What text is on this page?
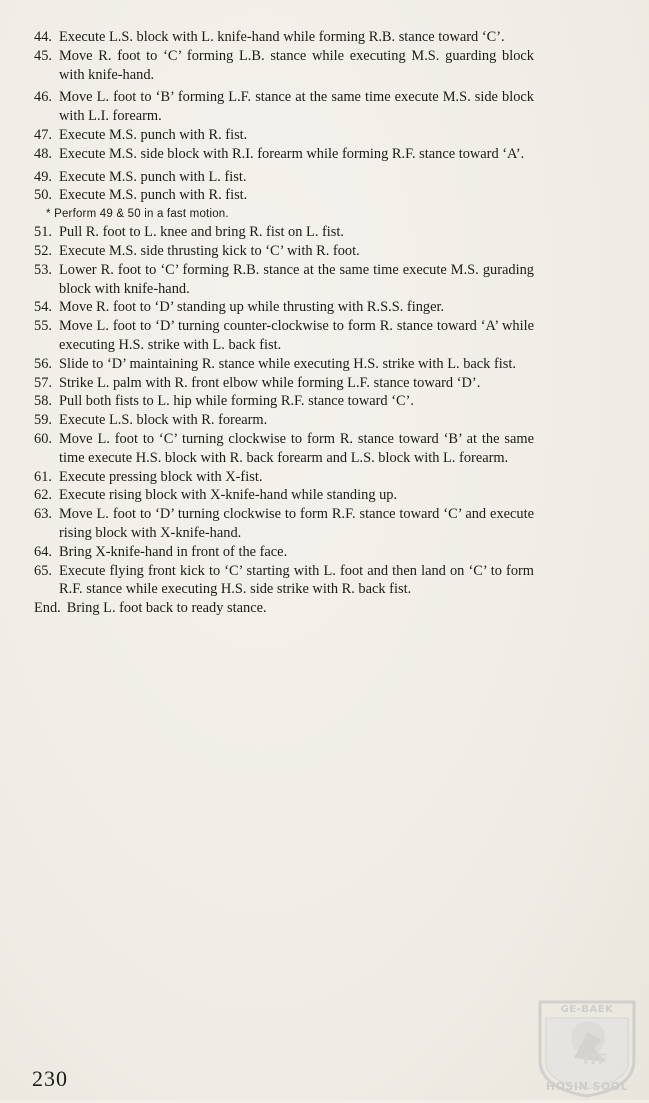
44. Execute L.S. block with L. knife-hand while forming R.B. stance toward ‘C’.
45. Move R. foot to ‘C’ forming L.B. stance while executing M.S. guarding block with knife-hand.
46. Move L. foot to ‘B’ forming L.F. stance at the same time execute M.S. side block with L.I. forearm.
47. Execute M.S. punch with R. fist.
48. Execute M.S. side block with R.I. forearm while forming R.F. stance toward ‘A’.
49. Execute M.S. punch with L. fist.
50. Execute M.S. punch with R. fist.
* Perform 49 & 50 in a fast motion.
51. Pull R. foot to L. knee and bring R. fist on L. fist.
52. Execute M.S. side thrusting kick to ‘C’ with R. foot.
53. Lower R. foot to ‘C’ forming R.B. stance at the same time execute M.S. gurading block with knife-hand.
54. Move R. foot to ‘D’ standing up while thrusting with R.S.S. finger.
55. Move L. foot to ‘D’ turning counter-clockwise to form R. stance toward ‘A’ while executing H.S. strike with L. back fist.
56. Slide to ‘D’ maintaining R. stance while executing H.S. strike with L. back fist.
57. Strike L. palm with R. front elbow while forming L.F. stance toward ‘D’.
58. Pull both fists to L. hip while forming R.F. stance toward ‘C’.
59. Execute L.S. block with R. forearm.
60. Move L. foot to ‘C’ turning clockwise to form R. stance toward ‘B’ at the same time execute H.S. block with R. back forearm and L.S. block with L. forearm.
61. Execute pressing block with X-fist.
62. Execute rising block with X-knife-hand while standing up.
63. Move L. foot to ‘D’ turning clockwise to form R.F. stance toward ‘C’ and execute rising block with X-knife-hand.
64. Bring X-knife-hand in front of the face.
65. Execute flying front kick to ‘C’ starting with L. foot and then land on ‘C’ to form R.F. stance while executing H.S. side strike with R. back fist.
End. Bring L. foot back to ready stance.
230
GE-BAEK
ITF
HOSIN SOOL
